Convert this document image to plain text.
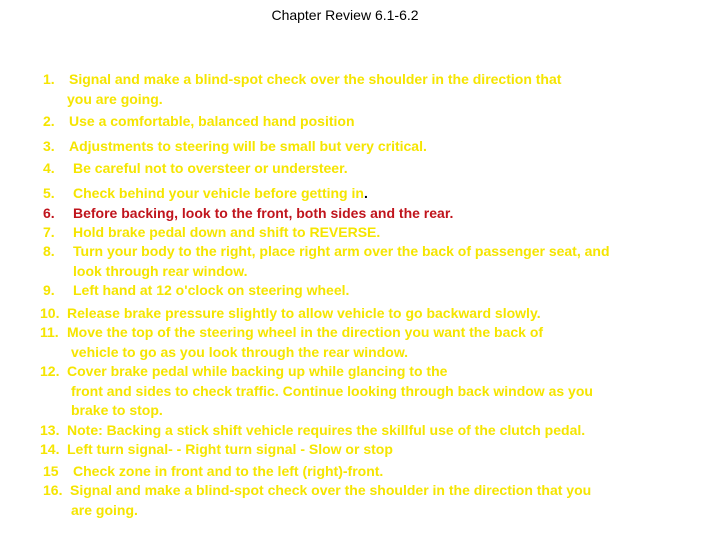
Chapter Review 6.1-6.2
1. Signal and make a blind-spot check over the shoulder in the direction that
you are going.
2. Use a comfortable, balanced hand position
3. Adjustments to steering will be small but very critical.
4. Be careful not to oversteer or understeer.
5. Check behind your vehicle before getting in.
6. Before backing, look to the front, both sides and the rear.
7. Hold brake pedal down and shift to REVERSE.
8. Turn your body to the right, place right arm over the back of passenger seat, and
look through rear window.
9. Left hand at 12 o'clock on steering wheel.
10. Release brake pressure slightly to allow vehicle to go backward slowly.
11. Move the top of the steering wheel in the direction you want the back of
vehicle to go as you look through the rear window.
12. Cover brake pedal while backing up while glancing to the
front and sides to check traffic. Continue looking through back window as you
brake to stop.
13. Note: Backing a stick shift vehicle requires the skillful use of the clutch pedal.
14. Left turn signal- - Right turn signal - Slow or stop
15 Check zone in front and to the left (right)-front.
16. Signal and make a blind-spot check over the shoulder in the direction that you
are going.
